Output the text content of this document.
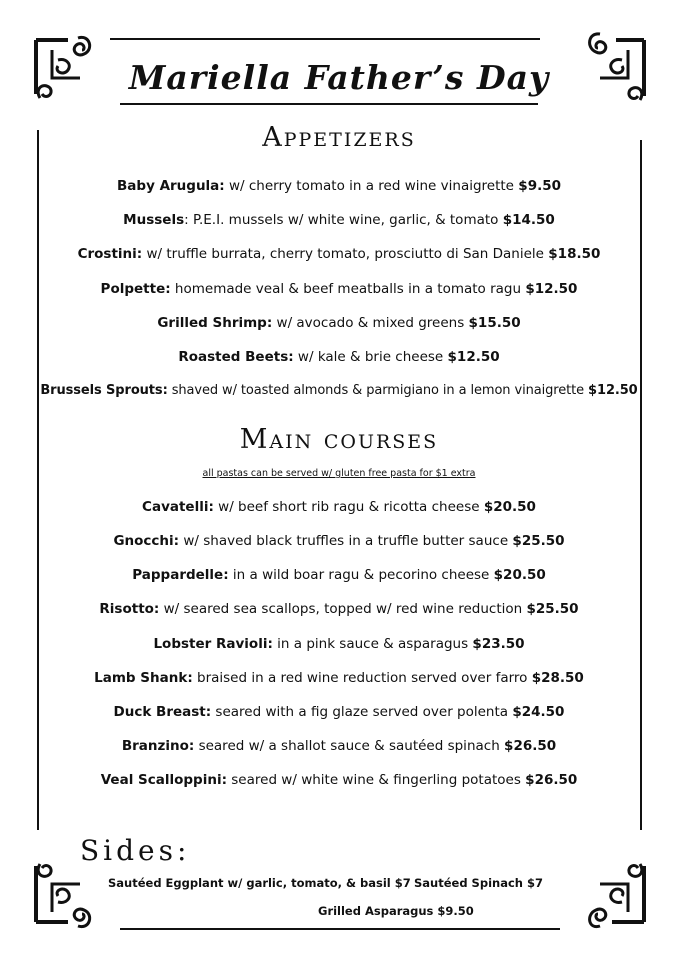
Mariella Father’s Day
Appetizers
Baby Arugula: w/ cherry tomato in a red wine vinaigrette $9.50
Mussels: P.E.I. mussels w/ white wine, garlic, & tomato $14.50
Crostini: w/ truffle burrata, cherry tomato, prosciutto di San Daniele $18.50
Polpette: homemade veal & beef meatballs in a tomato ragu $12.50
Grilled Shrimp: w/ avocado & mixed greens $15.50
Roasted Beets: w/ kale & brie cheese $12.50
Brussels Sprouts: shaved w/ toasted almonds & parmigiano in a lemon vinaigrette $12.50
Main courses
all pastas can be served w/ gluten free pasta for $1 extra
Cavatelli: w/ beef short rib ragu & ricotta cheese $20.50
Gnocchi: w/ shaved black truffles in a truffle butter sauce $25.50
Pappardelle: in a wild boar ragu & pecorino cheese $20.50
Risotto: w/ seared sea scallops, topped w/ red wine reduction $25.50
Lobster Ravioli: in a pink sauce & asparagus $23.50
Lamb Shank: braised in a red wine reduction served over farro $28.50
Duck Breast: seared with a fig glaze served over polenta $24.50
Branzino: seared w/ a shallot sauce & sautéed spinach $26.50
Veal Scalloppini: seared w/ white wine & fingerling potatoes $26.50
Sides:
Sautéed Eggplant w/ garlic, tomato, & basil $7 Sautéed Spinach $7
Grilled Asparagus $9.50
